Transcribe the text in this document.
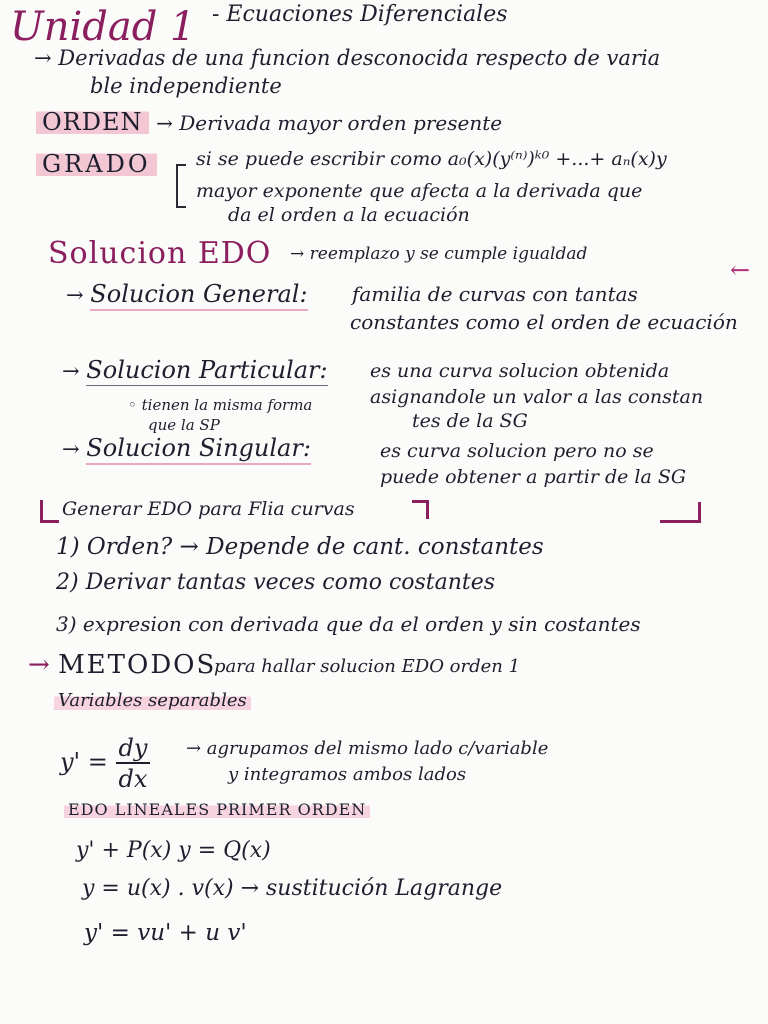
Unidad 1 - Ecuaciones Diferenciales
→ Derivadas de una funcion desconocida respecto de varia
ble independiente
ORDEN → Derivada mayor orden presente
GRADO	si se puede escribir como a₀(x)(y⁽ⁿ⁾)ᵏ⁰ +...+ aₙ(x)y
mayor exponente que afecta a la derivada que
da el orden a la ecuación
Solucion EDO → reemplazo y se cumple igualdad
←
→ Solucion General: familia de curvas con tantas
constantes como el orden de ecuación
→ Solucion Particular: es una curva solucion obtenida
asignandole un valor a las constan
tes de la SG
◦ tienen la misma forma
que la SP
→ Solucion Singular:	es curva solucion pero no se
puede obtener a partir de la SG
Generar EDO para Flia curvas
1) Orden? → Depende de cant. constantes
2) Derivar tantas veces como costantes
3) expresion con derivada que da el orden y sin costantes
→ METODOS
para hallar solucion EDO orden 1
Variables separables
$y' = \frac{dy}{dx}$ → agrupamos del mismo lado c/variable
y integramos ambos lados
EDO LINEALES PRIMER ORDEN
y' + P(x) y = Q(x)
y = u(x) . v(x) → sustitución Lagrange
y' = vu' + u v'
